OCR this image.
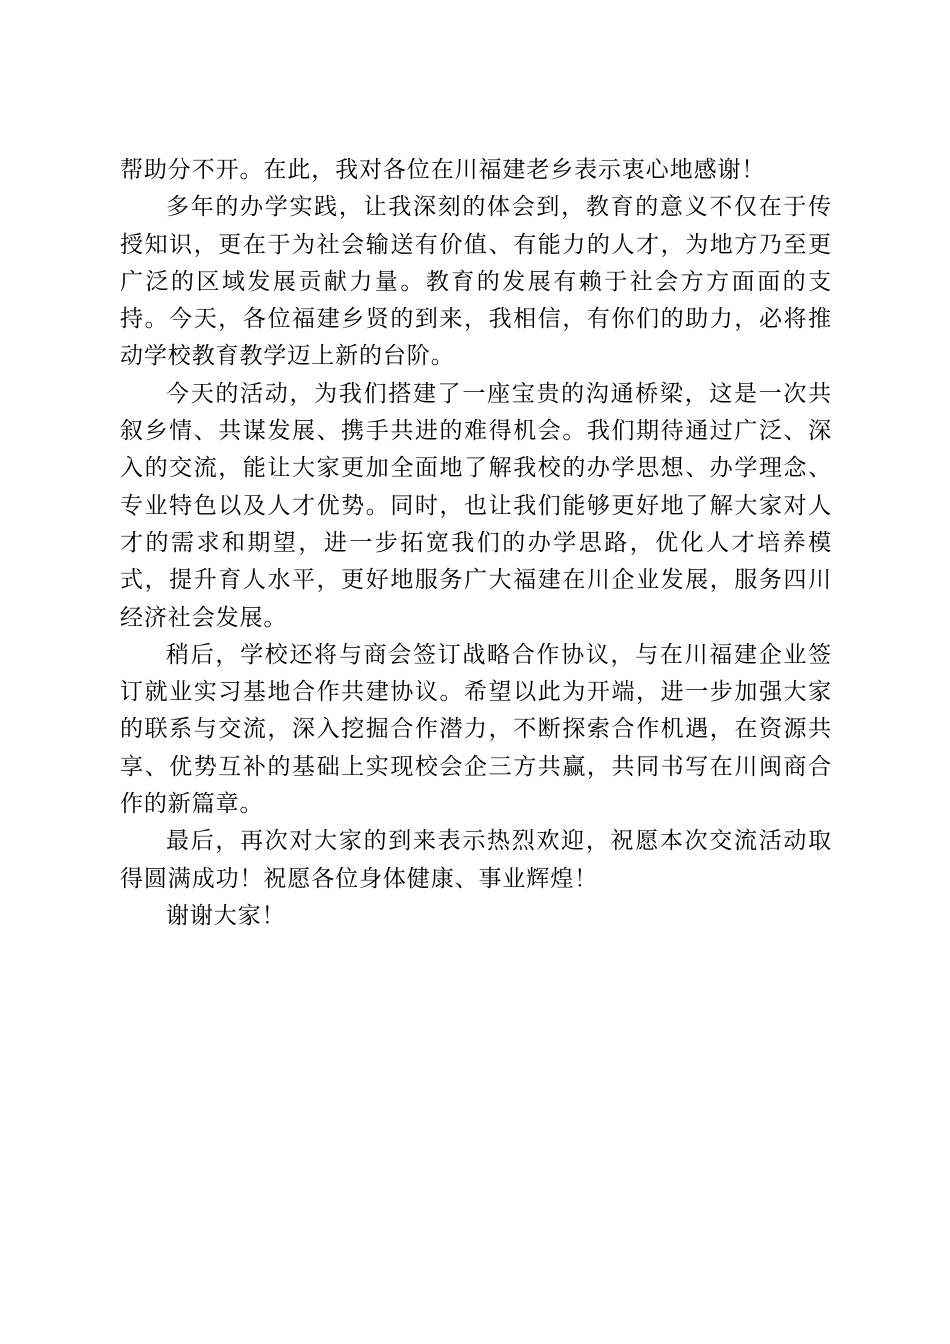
帮助分不开。在此，我对各位在川福建老乡表示衷心地感谢！

多年的办学实践，让我深刻的体会到，教育的意义不仅在于传授知识，更在于为社会输送有价值、有能力的人才，为地方乃至更广泛的区域发展贡献力量。教育的发展有赖于社会方方面面的支持。今天，各位福建乡贤的到来，我相信，有你们的助力，必将推动学校教育教学迈上新的台阶。

今天的活动，为我们搭建了一座宝贵的沟通桥梁，这是一次共叙乡情、共谋发展、携手共进的难得机会。我们期待通过广泛、深入的交流，能让大家更加全面地了解我校的办学思想、办学理念、专业特色以及人才优势。同时，也让我们能够更好地了解大家对人才的需求和期望，进一步拓宽我们的办学思路，优化人才培养模式，提升育人水平，更好地服务广大福建在川企业发展，服务四川经济社会发展。

稍后，学校还将与商会签订战略合作协议，与在川福建企业签订就业实习基地合作共建协议。希望以此为开端，进一步加强大家的联系与交流，深入挖掘合作潜力，不断探索合作机遇，在资源共享、优势互补的基础上实现校会企三方共赢，共同书写在川闽商合作的新篇章。

最后，再次对大家的到来表示热烈欢迎，祝愿本次交流活动取得圆满成功！祝愿各位身体健康、事业辉煌！

谢谢大家！
